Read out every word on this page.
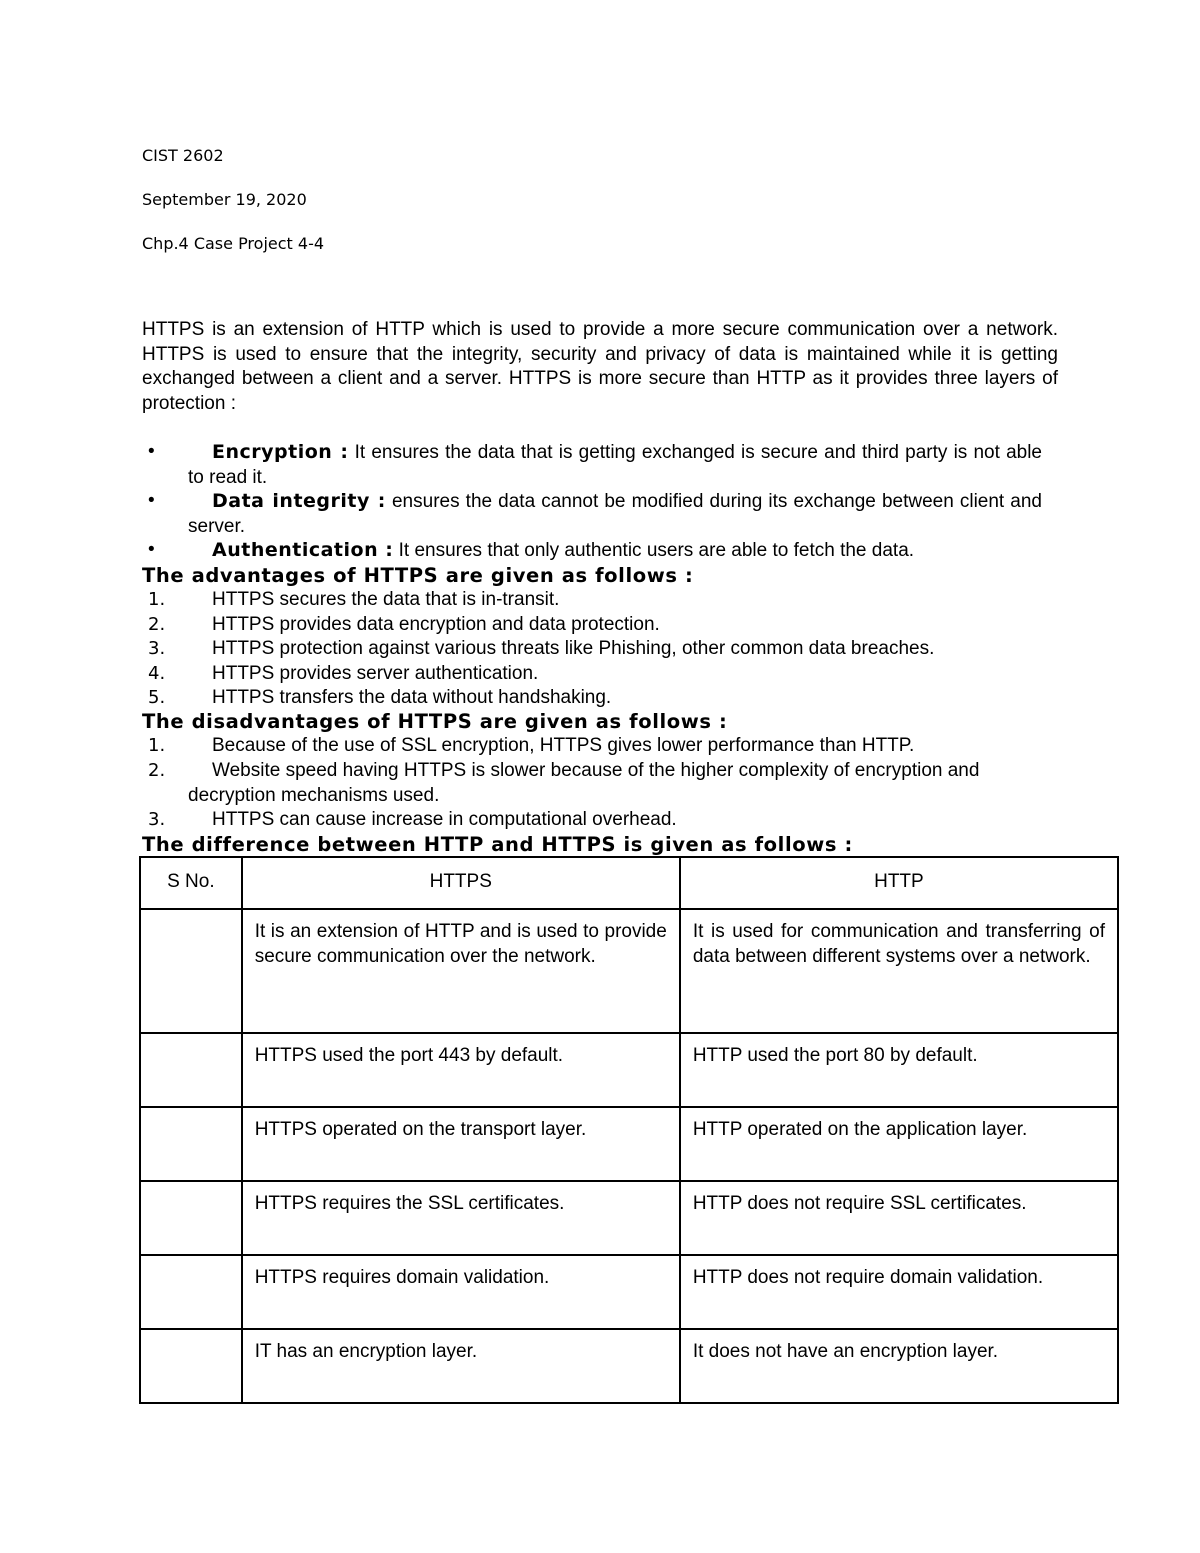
CIST 2602
September 19, 2020
Chp.4 Case Project 4-4

HTTPS is an extension of HTTP which is used to provide a more secure communication over a network. HTTPS is used to ensure that the integrity, security and privacy of data is maintained while it is getting exchanged between a client and a server. HTTPS is more secure than HTTP as it provides three layers of protection :

•	Encryption : It ensures the data that is getting exchanged is secure and third party is not able to read it.
•	Data integrity : ensures the data cannot be modified during its exchange between client and server.
•	Authentication : It ensures that only authentic users are able to fetch the data.
The advantages of HTTPS are given as follows :
1.	HTTPS secures the data that is in-transit.
2.	HTTPS provides data encryption and data protection.
3.	HTTPS protection against various threats like Phishing, other common data breaches.
4.	HTTPS provides server authentication.
5.	HTTPS transfers the data without handshaking.
The disadvantages of HTTPS are given as follows :
1.	Because of the use of SSL encryption, HTTPS gives lower performance than HTTP.
2.	Website speed having HTTPS is slower because of the higher complexity of encryption and decryption mechanisms used.
3.	HTTPS can cause increase in computational overhead.
The difference between HTTP and HTTPS is given as follows :
S No.	HTTPS	HTTP
	It is an extension of HTTP and is used to provide secure communication over the network.	It is used for communication and transferring of data between different systems over a network.
	HTTPS used the port 443 by default.	HTTP used the port 80 by default.
	HTTPS operated on the transport layer.	HTTP operated on the application layer.
	HTTPS requires the SSL certificates.	HTTP does not require SSL certificates.
	HTTPS requires domain validation.	HTTP does not require domain validation.
	IT has an encryption layer.	It does not have an encryption layer.
